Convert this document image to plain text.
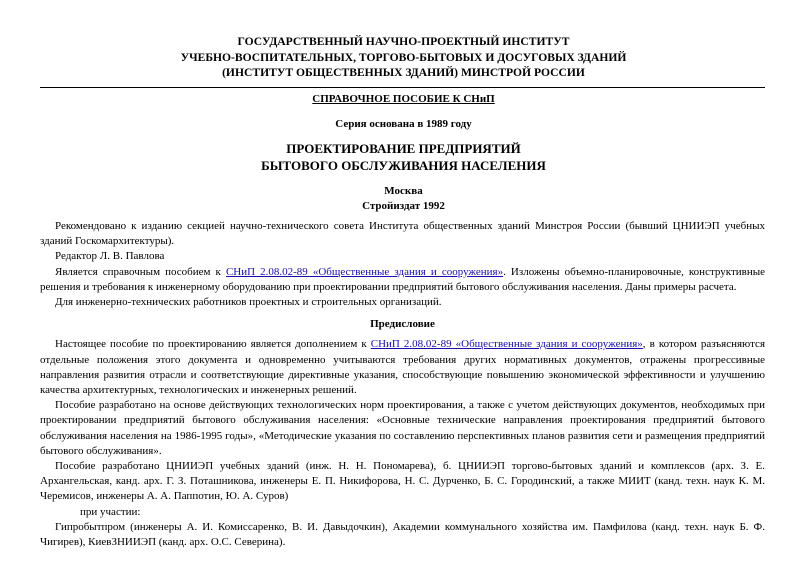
ГОСУДАРСТВЕННЫЙ НАУЧНО-ПРОЕКТНЫЙ ИНСТИТУТ
УЧЕБНО-ВОСПИТАТЕЛЬНЫХ, ТОРГОВО-БЫТОВЫХ И ДОСУГОВЫХ ЗДАНИЙ
(ИНСТИТУТ ОБЩЕСТВЕННЫХ ЗДАНИЙ) МИНСТРОЙ РОССИИ
СПРАВОЧНОЕ ПОСОБИЕ К СНиП
Серия основана в 1989 году
ПРОЕКТИРОВАНИЕ ПРЕДПРИЯТИЙ
БЫТОВОГО ОБСЛУЖИВАНИЯ НАСЕЛЕНИЯ
Москва
Стройиздат 1992

Рекомендовано к изданию секцией научно-технического совета Института общественных зданий Минстроя России (бывший ЦНИИЭП учебных зданий Госкомархитектуры).

Редактор Л. В. Павлова

Является справочным пособием к СНиП 2.08.02-89 «Общественные здания и сооружения». Изложены объемно-планировочные, конструктивные решения и требования к инженерному оборудованию при проектировании предприятий бытового обслуживания населения. Даны примеры расчета.

Для инженерно-технических работников проектных и строительных организаций.

Предисловие

Настоящее пособие по проектированию является дополнением к СНиП 2.08.02-89 «Общественные здания и сооружения», в котором разъясняются отдельные положения этого документа и одновременно учитываются требования других нормативных документов, отражены прогрессивные направления развития отрасли и соответствующие директивные указания, способствующие повышению экономической эффективности и улучшению качества архитектурных, технологических и инженерных решений.

Пособие разработано на основе действующих технологических норм проектирования, а также с учетом действующих документов, необходимых при проектировании предприятий бытового обслуживания населения: «Основные технические направления проектирования предприятий бытового обслуживания населения на 1986-1995 годы», «Методические указания по составлению перспективных планов развития сети и размещения предприятий бытового обслуживания».

Пособие разработано ЦНИИЭП учебных зданий (инж. Н. Н. Пономарева), б. ЦНИИЭП торгово-бытовых зданий и комплексов (арх. З. Е. Архангельская, канд. арх. Г. З. Поташникова, инженеры Е. П. Никифорова, Н. С. Дурченко, Б. С. Городинский, а также МИИТ (канд. техн. наук К. М. Черемисов, инженеры А. А. Паппотин, Ю. А. Суров)

при участии:

Гипробытпром (инженеры А. И. Комиссаренко, В. И. Давыдочкин), Академии коммунального хозяйства им. Памфилова (канд. техн. наук Б. Ф. Чигирев), КиевЗНИИЭП (канд. арх. О.С. Северина).
